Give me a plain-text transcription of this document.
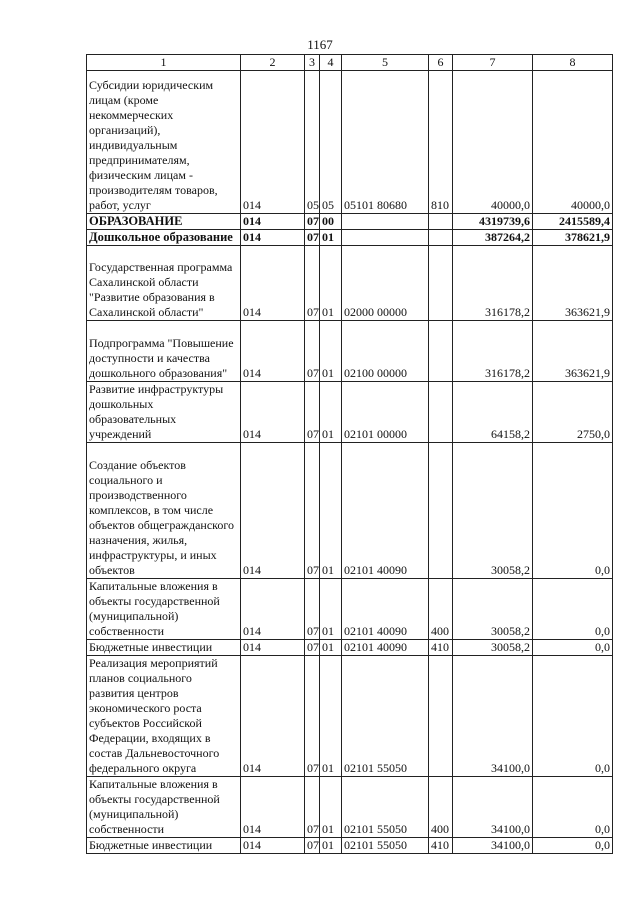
1167
1	2	3	4	5	6	7	8
Субсидии юридическим лицам (кроме некоммерческих организаций), индивидуальным предпринимателям, физическим лицам - производителям товаров, работ, услуг	014	05	05	05101 80680	810	40000,0	40000,0
ОБРАЗОВАНИЕ	014	07	00			4319739,6	2415589,4
Дошкольное образование	014	07	01			387264,2	378621,9
Государственная программа Сахалинской области "Развитие образования в Сахалинской области"	014	07	01	02000 00000		316178,2	363621,9
Подпрограмма "Повышение доступности и качества дошкольного образования"	014	07	01	02100 00000		316178,2	363621,9
Развитие инфраструктуры дошкольных образовательных учреждений	014	07	01	02101 00000		64158,2	2750,0
Создание объектов социального и производственного комплексов, в том числе объектов общегражданского назначения, жилья, инфраструктуры, и иных объектов	014	07	01	02101 40090		30058,2	0,0
Капитальные вложения в объекты государственной (муниципальной) собственности	014	07	01	02101 40090	400	30058,2	0,0
Бюджетные инвестиции	014	07	01	02101 40090	410	30058,2	0,0
Реализация мероприятий планов социального развития центров экономического роста субъектов Российской Федерации, входящих в состав Дальневосточного федерального округа	014	07	01	02101 55050		34100,0	0,0
Капитальные вложения в объекты государственной (муниципальной) собственности	014	07	01	02101 55050	400	34100,0	0,0
Бюджетные инвестиции	014	07	01	02101 55050	410	34100,0	0,0
